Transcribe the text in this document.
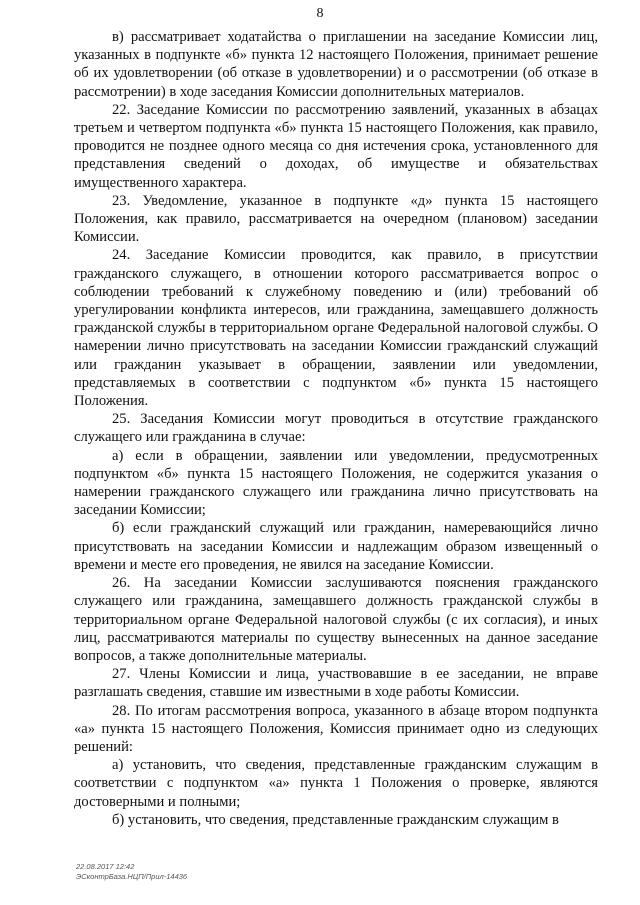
8

в) рассматривает ходатайства о приглашении на заседание Комиссии лиц, указанных в подпункте «б» пункта 12 настоящего Положения, принимает решение об их удовлетворении (об отказе в удовлетворении) и о рассмотрении (об отказе в рассмотрении) в ходе заседания Комиссии дополнительных материалов.

22. Заседание Комиссии по рассмотрению заявлений, указанных в абзацах третьем и четвертом подпункта «б» пункта 15 настоящего Положения, как правило, проводится не позднее одного месяца со дня истечения срока, установленного для представления сведений о доходах, об имуществе и обязательствах имущественного характера.

23. Уведомление, указанное в подпункте «д» пункта 15 настоящего Положения, как правило, рассматривается на очередном (плановом) заседании Комиссии.

24. Заседание Комиссии проводится, как правило, в присутствии гражданского служащего, в отношении которого рассматривается вопрос о соблюдении требований к служебному поведению и (или) требований об урегулировании конфликта интересов, или гражданина, замещавшего должность гражданской службы в территориальном органе Федеральной налоговой службы. О намерении лично присутствовать на заседании Комиссии гражданский служащий или гражданин указывает в обращении, заявлении или уведомлении, представляемых в соответствии с подпунктом «б» пункта 15 настоящего Положения.

25. Заседания Комиссии могут проводиться в отсутствие гражданского служащего или гражданина в случае:

а) если в обращении, заявлении или уведомлении, предусмотренных подпунктом «б» пункта 15 настоящего Положения, не содержится указания о намерении гражданского служащего или гражданина лично присутствовать на заседании Комиссии;

б) если гражданский служащий или гражданин, намеревающийся лично присутствовать на заседании Комиссии и надлежащим образом извещенный о времени и месте его проведения, не явился на заседание Комиссии.

26. На заседании Комиссии заслушиваются пояснения гражданского служащего или гражданина, замещавшего должность гражданской службы в территориальном органе Федеральной налоговой службы (с их согласия), и иных лиц, рассматриваются материалы по существу вынесенных на данное заседание вопросов, а также дополнительные материалы.

27. Члены Комиссии и лица, участвовавшие в ее заседании, не вправе разглашать сведения, ставшие им известными в ходе работы Комиссии.

28. По итогам рассмотрения вопроса, указанного в абзаце втором подпункта «а» пункта 15 настоящего Положения, Комиссия принимает одно из следующих решений:

а) установить, что сведения, представленные гражданским служащим в соответствии с подпунктом «а» пункта 1 Положения о проверке, являются достоверными и полными;

б) установить, что сведения, представленные гражданским служащим в

22.08.2017 12:42
ЭСконтрБаза.НЦП/Прил-14436
